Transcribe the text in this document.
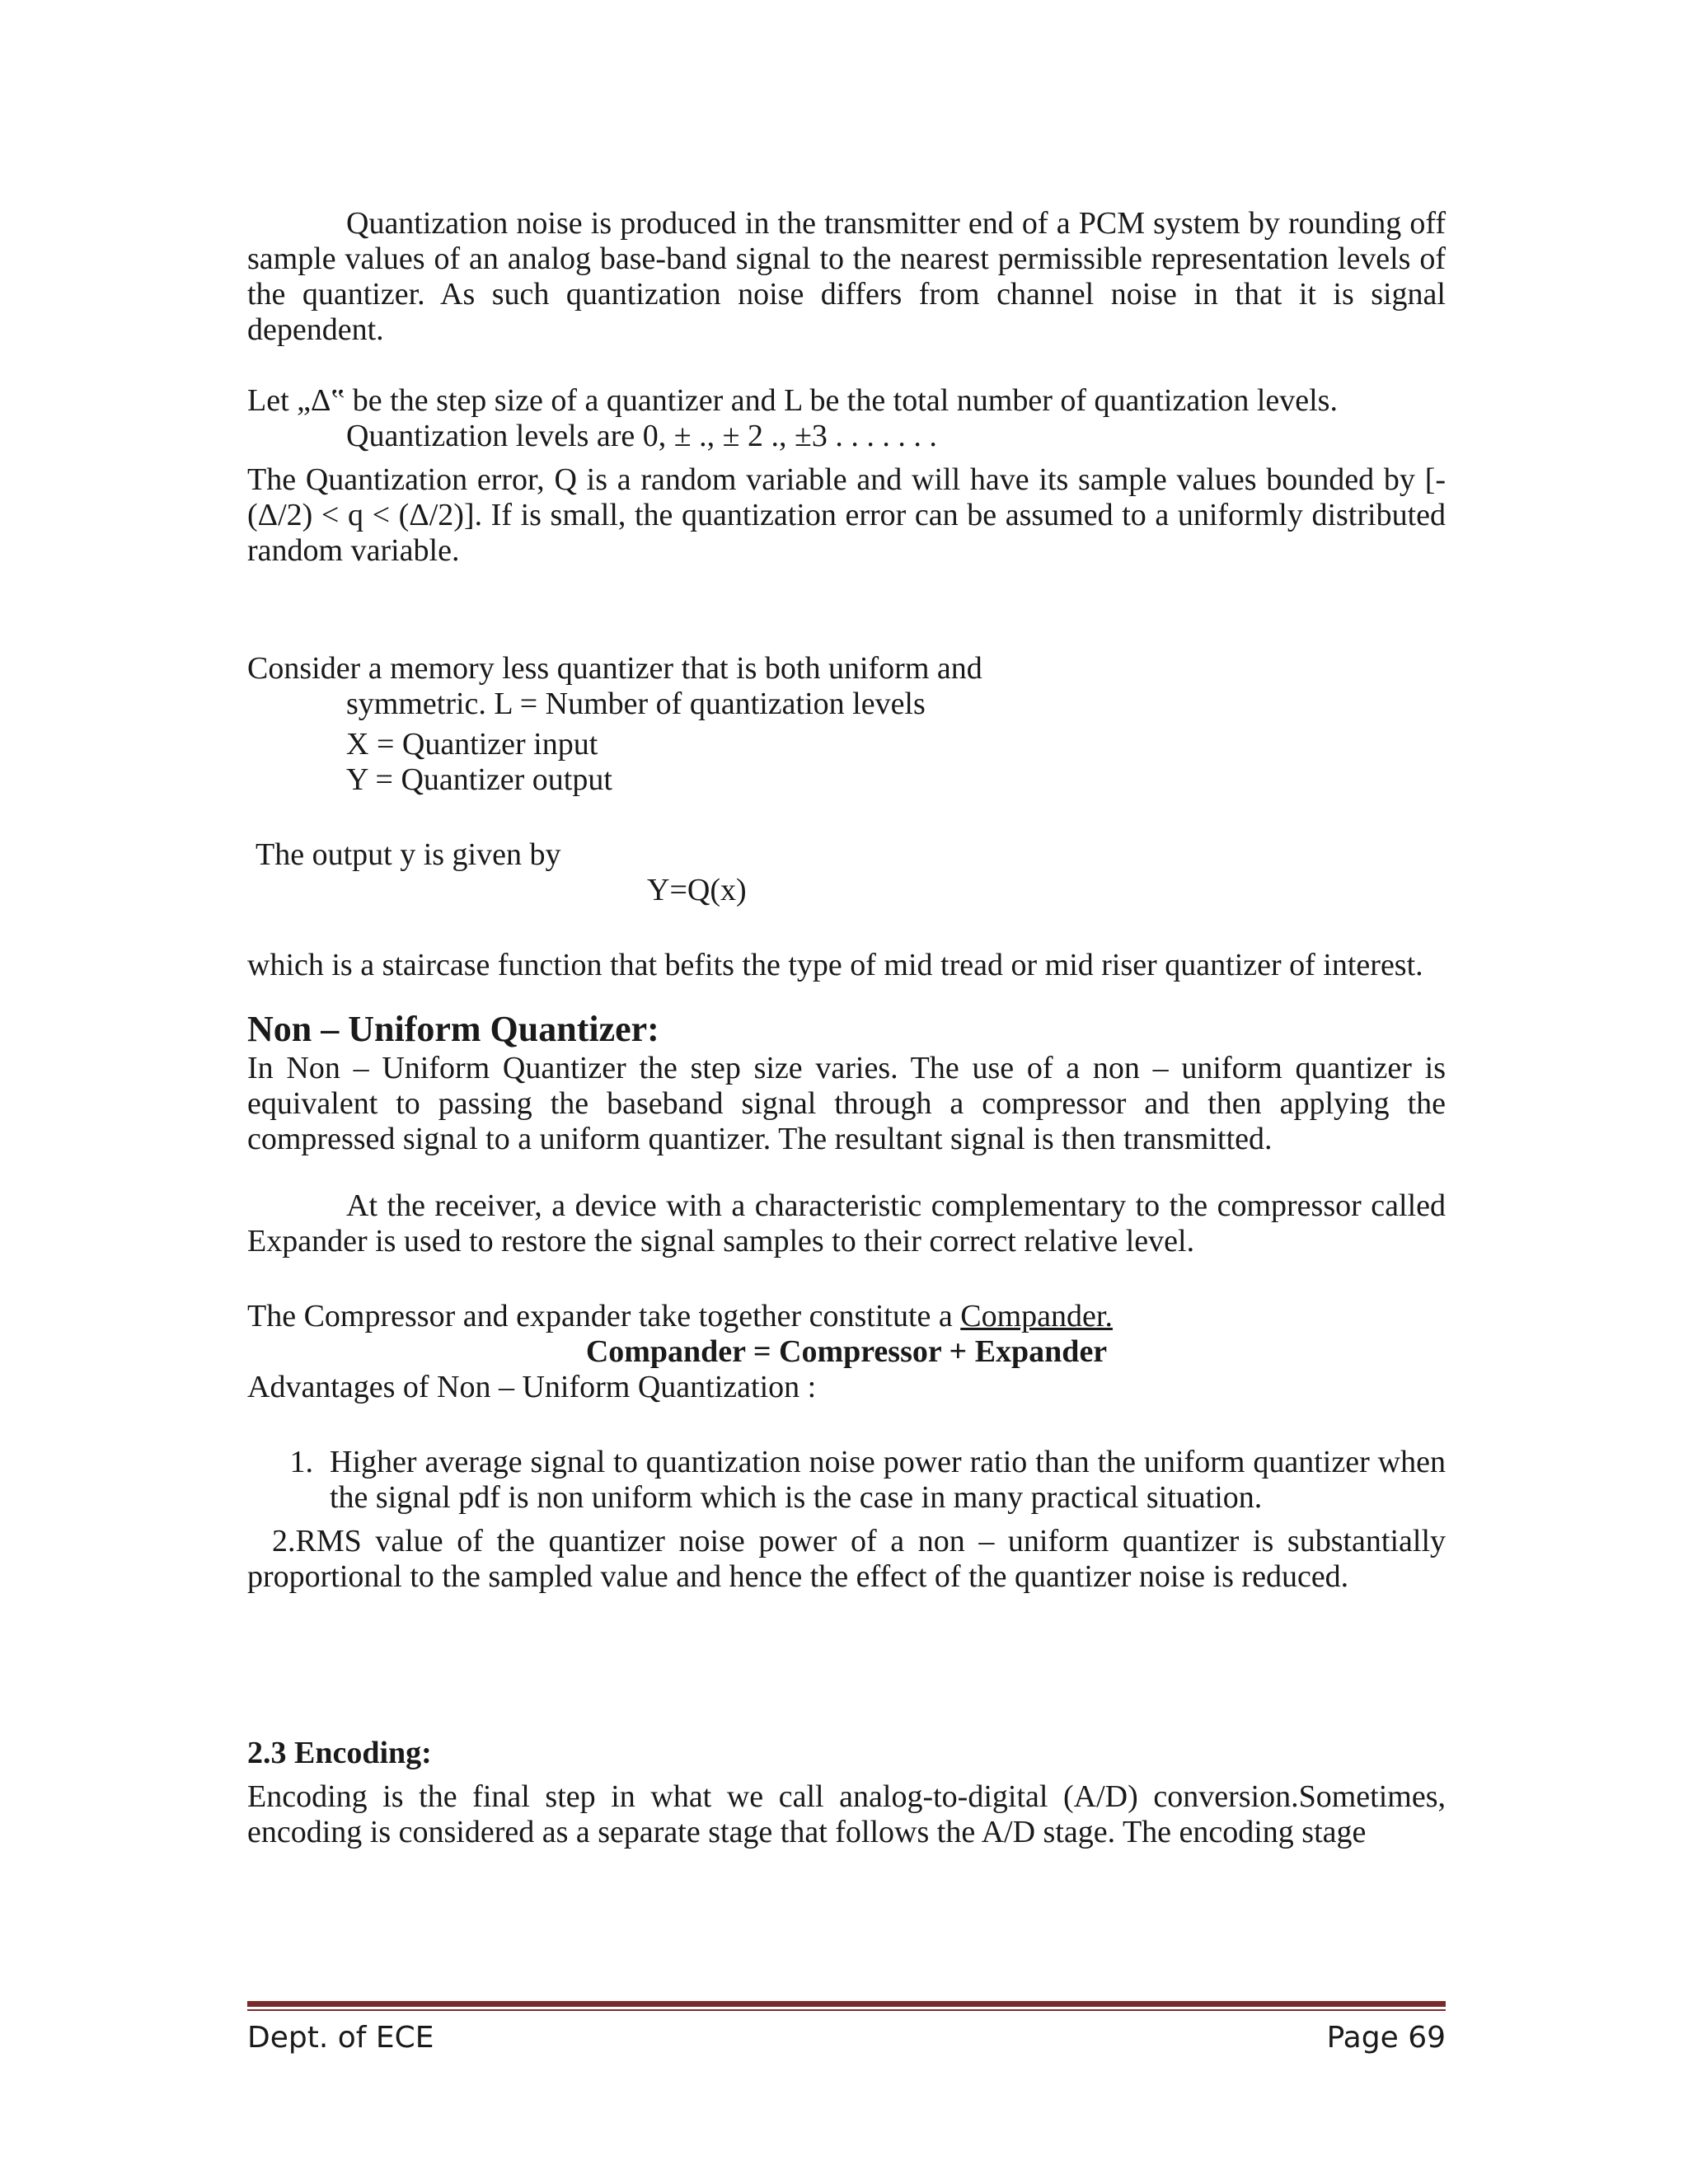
Quantization noise is produced in the transmitter end of a PCM system by rounding off sample values of an analog base-band signal to the nearest permissible representation levels of the quantizer. As such quantization noise differs from channel noise in that it is signal dependent.

Let „Δ‟ be the step size of a quantizer and L be the total number of quantization levels.

Quantization levels are 0, ± ., ± 2 ., ±3 . . . . . . .

The Quantization error, Q is a random variable and will have its sample values bounded by [-(Δ/2) < q < (Δ/2)]. If is small, the quantization error can be assumed to a uniformly distributed random variable.

Consider a memory less quantizer that is both uniform and

symmetric. L = Number of quantization levels

X = Quantizer input

Y = Quantizer output

The output y is given by

Y=Q(x)

which is a staircase function that befits the type of mid tread or mid riser quantizer of interest.

Non – Uniform Quantizer:

In Non – Uniform Quantizer the step size varies. The use of a non – uniform quantizer is equivalent to passing the baseband signal through a compressor and then applying the compressed signal to a uniform quantizer. The resultant signal is then transmitted.

At the receiver, a device with a characteristic complementary to the compressor called Expander is used to restore the signal samples to their correct relative level.

The Compressor and expander take together constitute a Compander.

Compander = Compressor + Expander

Advantages of Non – Uniform Quantization :

1. Higher average signal to quantization noise power ratio than the uniform quantizer when the signal pdf is non uniform which is the case in many practical situation.

2.RMS value of the quantizer noise power of a non – uniform quantizer is substantially proportional to the sampled value and hence the effect of the quantizer noise is reduced.

2.3 Encoding:

Encoding is the final step in what we call analog-to-digital (A/D) conversion.Sometimes, encoding is considered as a separate stage that follows the A/D stage. The encoding stage

Dept. of ECE	Page 69
